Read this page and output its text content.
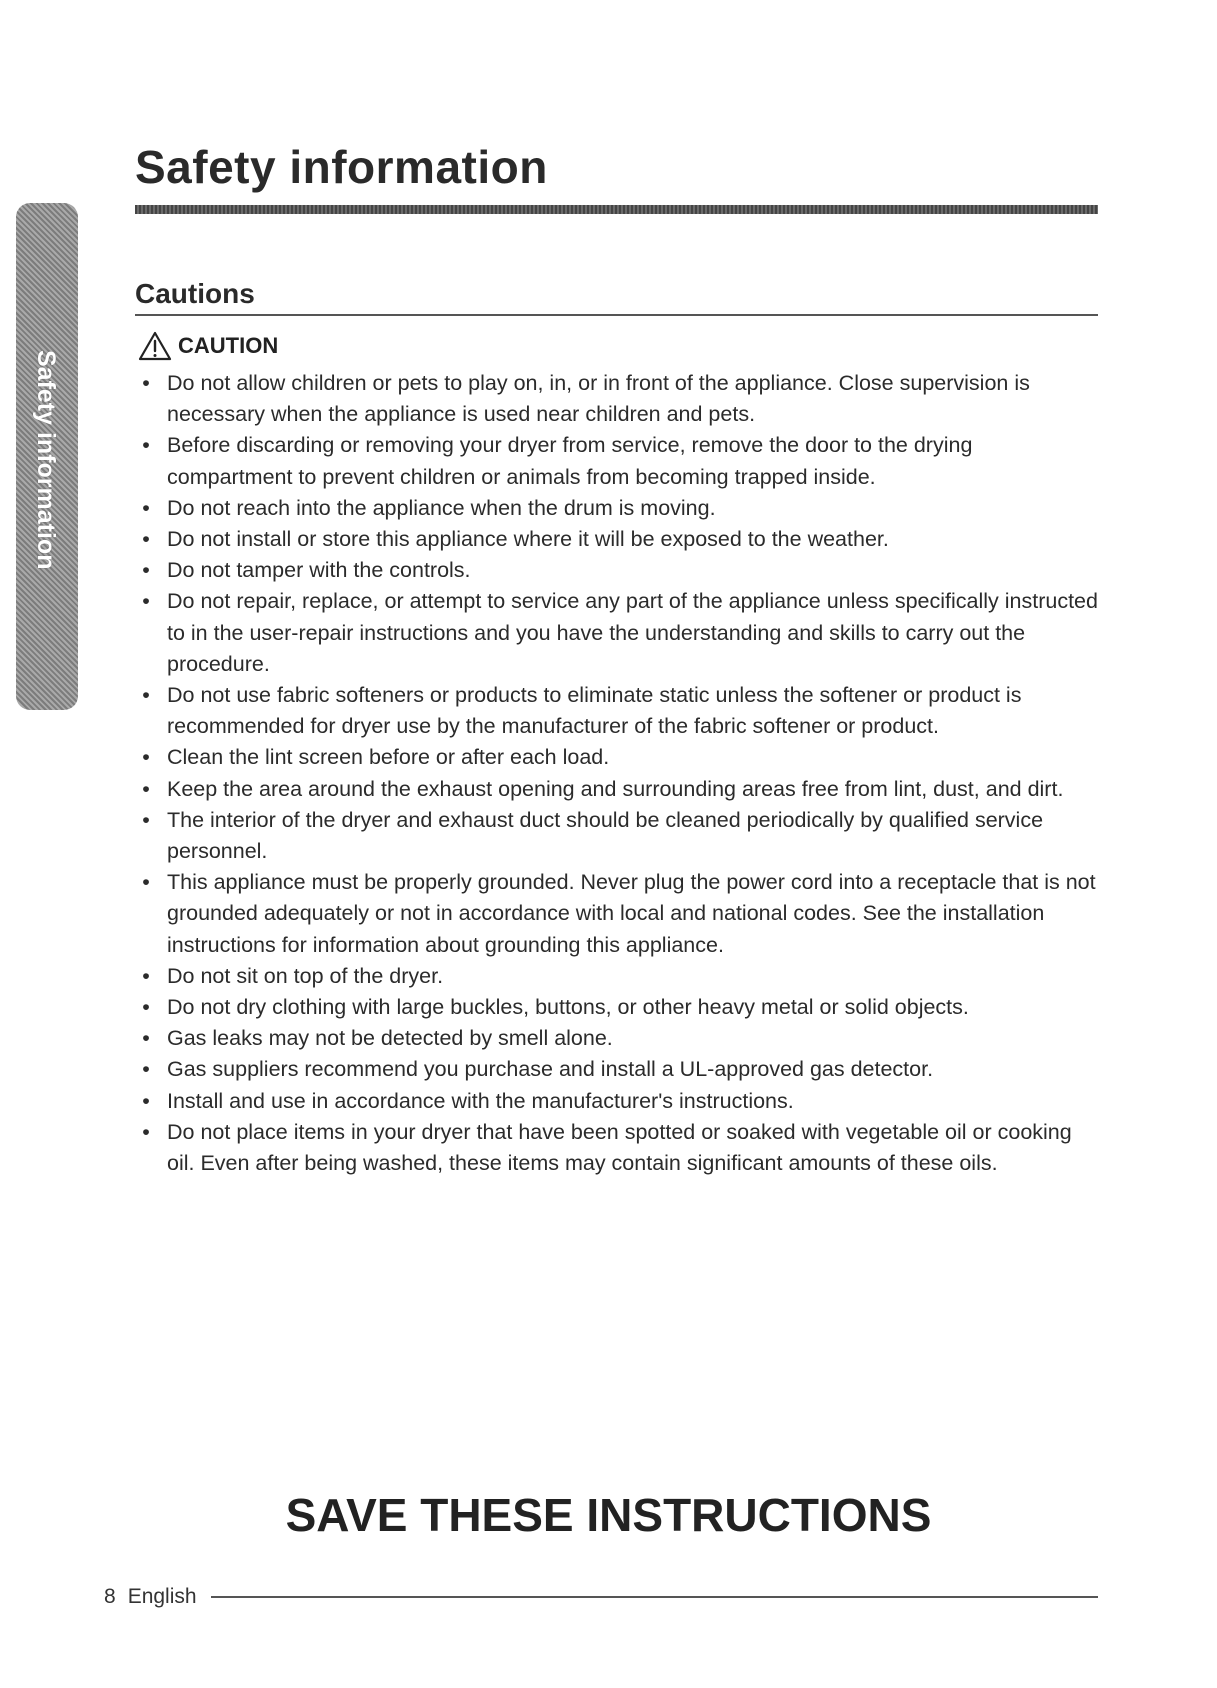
Safety information
Safety information
Cautions
CAUTION
• Do not allow children or pets to play on, in, or in front of the appliance. Close supervision is necessary when the appliance is used near children and pets.
• Before discarding or removing your dryer from service, remove the door to the drying compartment to prevent children or animals from becoming trapped inside.
• Do not reach into the appliance when the drum is moving.
• Do not install or store this appliance where it will be exposed to the weather.
• Do not tamper with the controls.
• Do not repair, replace, or attempt to service any part of the appliance unless specifically instructed to in the user-repair instructions and you have the understanding and skills to carry out the procedure.
• Do not use fabric softeners or products to eliminate static unless the softener or product is recommended for dryer use by the manufacturer of the fabric softener or product.
• Clean the lint screen before or after each load.
• Keep the area around the exhaust opening and surrounding areas free from lint, dust, and dirt.
• The interior of the dryer and exhaust duct should be cleaned periodically by qualified service personnel.
• This appliance must be properly grounded. Never plug the power cord into a receptacle that is not grounded adequately or not in accordance with local and national codes. See the installation instructions for information about grounding this appliance.
• Do not sit on top of the dryer.
• Do not dry clothing with large buckles, buttons, or other heavy metal or solid objects.
• Gas leaks may not be detected by smell alone.
• Gas suppliers recommend you purchase and install a UL-approved gas detector.
• Install and use in accordance with the manufacturer's instructions.
• Do not place items in your dryer that have been spotted or soaked with vegetable oil or cooking oil. Even after being washed, these items may contain significant amounts of these oils.
SAVE THESE INSTRUCTIONS
8 English
